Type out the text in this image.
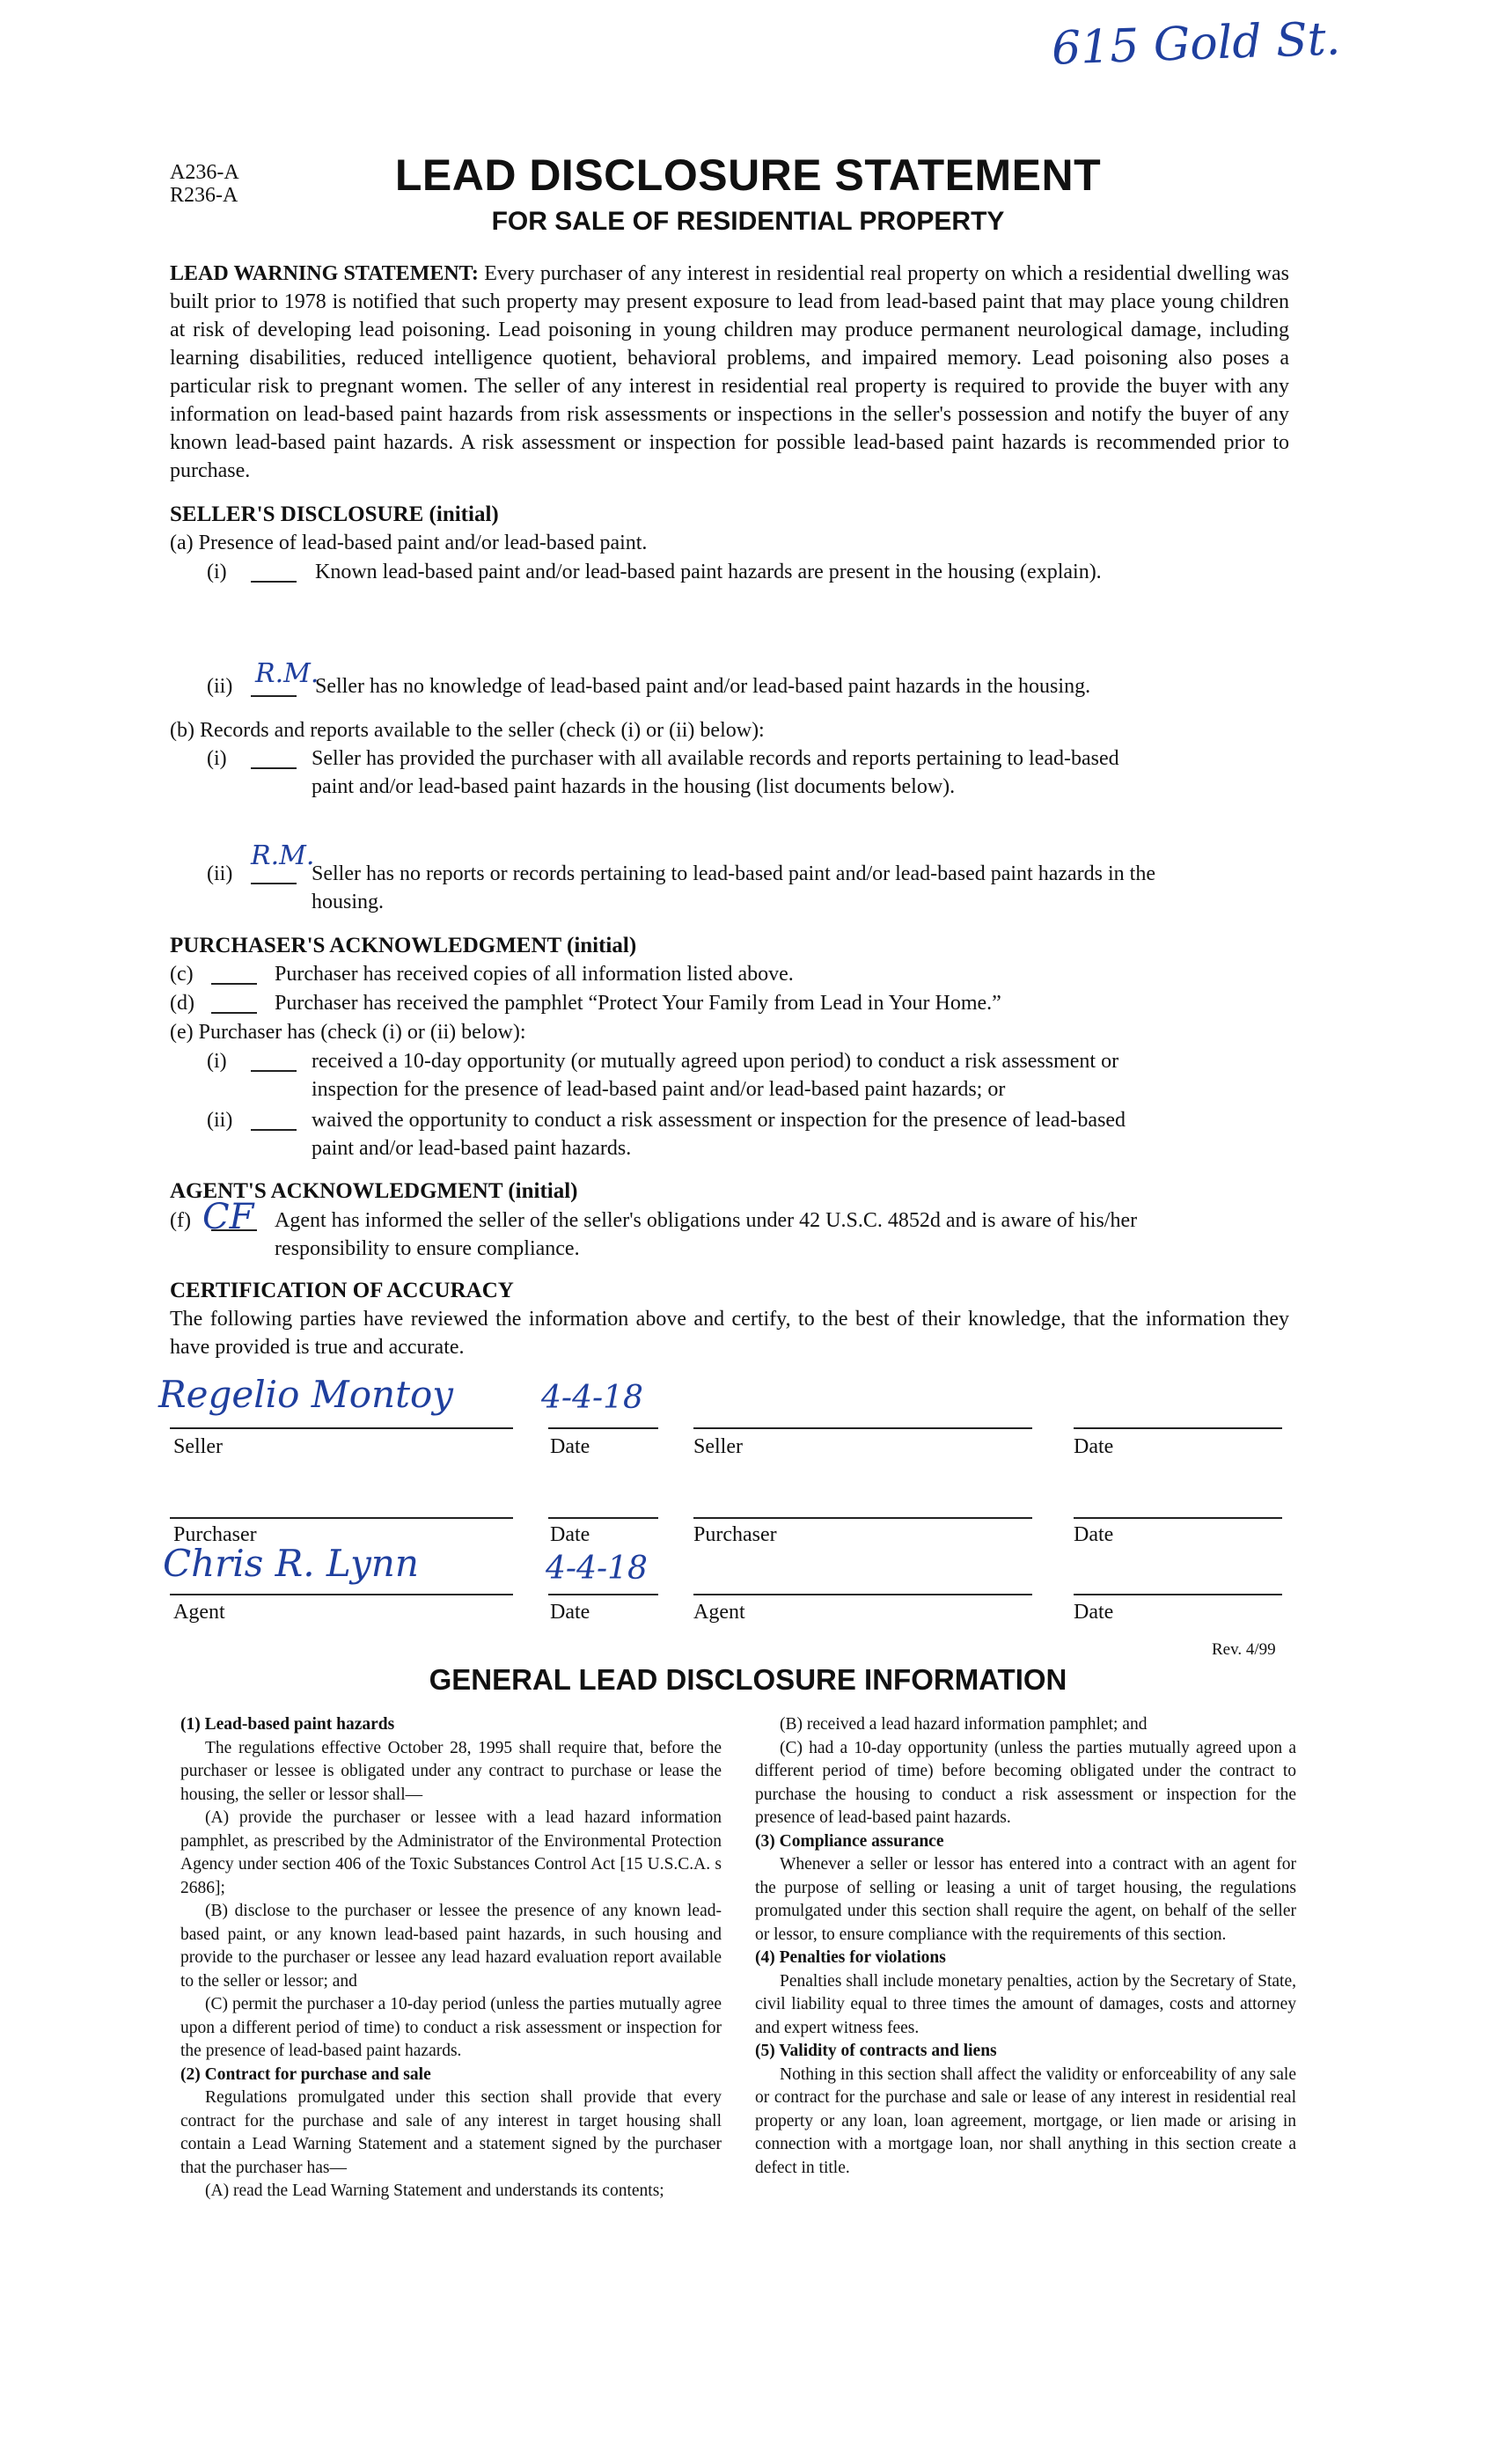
615 Gold St.
A236-A
R236-A	LEAD DISCLOSURE STATEMENT
FOR SALE OF RESIDENTIAL PROPERTY
LEAD WARNING STATEMENT: Every purchaser of any interest in residential real property on which a residential dwelling was built prior to 1978 is notified that such property may present exposure to lead from lead-based paint that may place young children at risk of developing lead poisoning. Lead poisoning in young children may produce permanent neurological damage, including learning disabilities, reduced intelligence quotient, behavioral problems, and impaired memory. Lead poisoning also poses a particular risk to pregnant women. The seller of any interest in residential real property is required to provide the buyer with any information on lead-based paint hazards from risk assessments or inspections in the seller's possession and notify the buyer of any known lead-based paint hazards. A risk assessment or inspection for possible lead-based paint hazards is recommended prior to purchase.
SELLER'S DISCLOSURE (initial)
(a) Presence of lead-based paint and/or lead-based paint.
(i)	Known lead-based paint and/or lead-based paint hazards are present in the housing (explain).
(ii) R.M.
Seller has no knowledge of lead-based paint and/or lead-based paint hazards in the housing.
(b) Records and reports available to the seller (check (i) or (ii) below):
(i)	Seller has provided the purchaser with all available records and reports pertaining to lead-based
paint and/or lead-based paint hazards in the housing (list documents below).
(ii)
R.M.
Seller has no reports or records pertaining to lead-based paint and/or lead-based paint hazards in the
housing.
PURCHASER'S ACKNOWLEDGMENT (initial)
(c)	Purchaser has received copies of all information listed above.
(d)	Purchaser has received the pamphlet “Protect Your Family from Lead in Your Home.”
(e) Purchaser has (check (i) or (ii) below):
(i)	received a 10-day opportunity (or mutually agreed upon period) to conduct a risk assessment or
inspection for the presence of lead-based paint and/or lead-based paint hazards; or
(ii)	waived the opportunity to conduct a risk assessment or inspection for the presence of lead-based
paint and/or lead-based paint hazards.
AGENT'S ACKNOWLEDGMENT (initial)
(f) CF Agent has informed the seller of the seller's obligations under 42 U.S.C. 4852d and is aware of his/her
responsibility to ensure compliance.
CERTIFICATION OF ACCURACY
The following parties have reviewed the information above and certify, to the best of their knowledge, that the information they have provided is true and accurate.
Regelio Montoy	4-4-18
Seller	Date	Seller	Date
Purchaser	Date	Purchaser	Date
Chris R. Lynn	4-4-18
Agent	Date	Agent	Date
Rev. 4/99
GENERAL LEAD DISCLOSURE INFORMATION

(1) Lead-based paint hazards

The regulations effective October 28, 1995 shall require that, before the purchaser or lessee is obligated under any contract to purchase or lease the housing, the seller or lessor shall—

(A) provide the purchaser or lessee with a lead hazard information pamphlet, as prescribed by the Administrator of the Environmental Protection Agency under section 406 of the Toxic Substances Control Act [15 U.S.C.A. s 2686];

(B) disclose to the purchaser or lessee the presence of any known lead-based paint, or any known lead-based paint hazards, in such housing and provide to the purchaser or lessee any lead hazard evaluation report available to the seller or lessor; and

(C) permit the purchaser a 10-day period (unless the parties mutually agree upon a different period of time) to conduct a risk assessment or inspection for the presence of lead-based paint hazards.

(2) Contract for purchase and sale

Regulations promulgated under this section shall provide that every contract for the purchase and sale of any interest in target housing shall contain a Lead Warning Statement and a statement signed by the purchaser that the purchaser has—

(A) read the Lead Warning Statement and understands its contents;

(B) received a lead hazard information pamphlet; and

(C) had a 10-day opportunity (unless the parties mutually agreed upon a different period of time) before becoming obligated under the contract to purchase the housing to conduct a risk assessment or inspection for the presence of lead-based paint hazards.

(3) Compliance assurance

Whenever a seller or lessor has entered into a contract with an agent for the purpose of selling or leasing a unit of target housing, the regulations promulgated under this section shall require the agent, on behalf of the seller or lessor, to ensure compliance with the requirements of this section.

(4) Penalties for violations

Penalties shall include monetary penalties, action by the Secretary of State, civil liability equal to three times the amount of damages, costs and attorney and expert witness fees.

(5) Validity of contracts and liens

Nothing in this section shall affect the validity or enforceability of any sale or contract for the purchase and sale or lease of any interest in residential real property or any loan, loan agreement, mortgage, or lien made or arising in connection with a mortgage loan, nor shall anything in this section create a defect in title.
